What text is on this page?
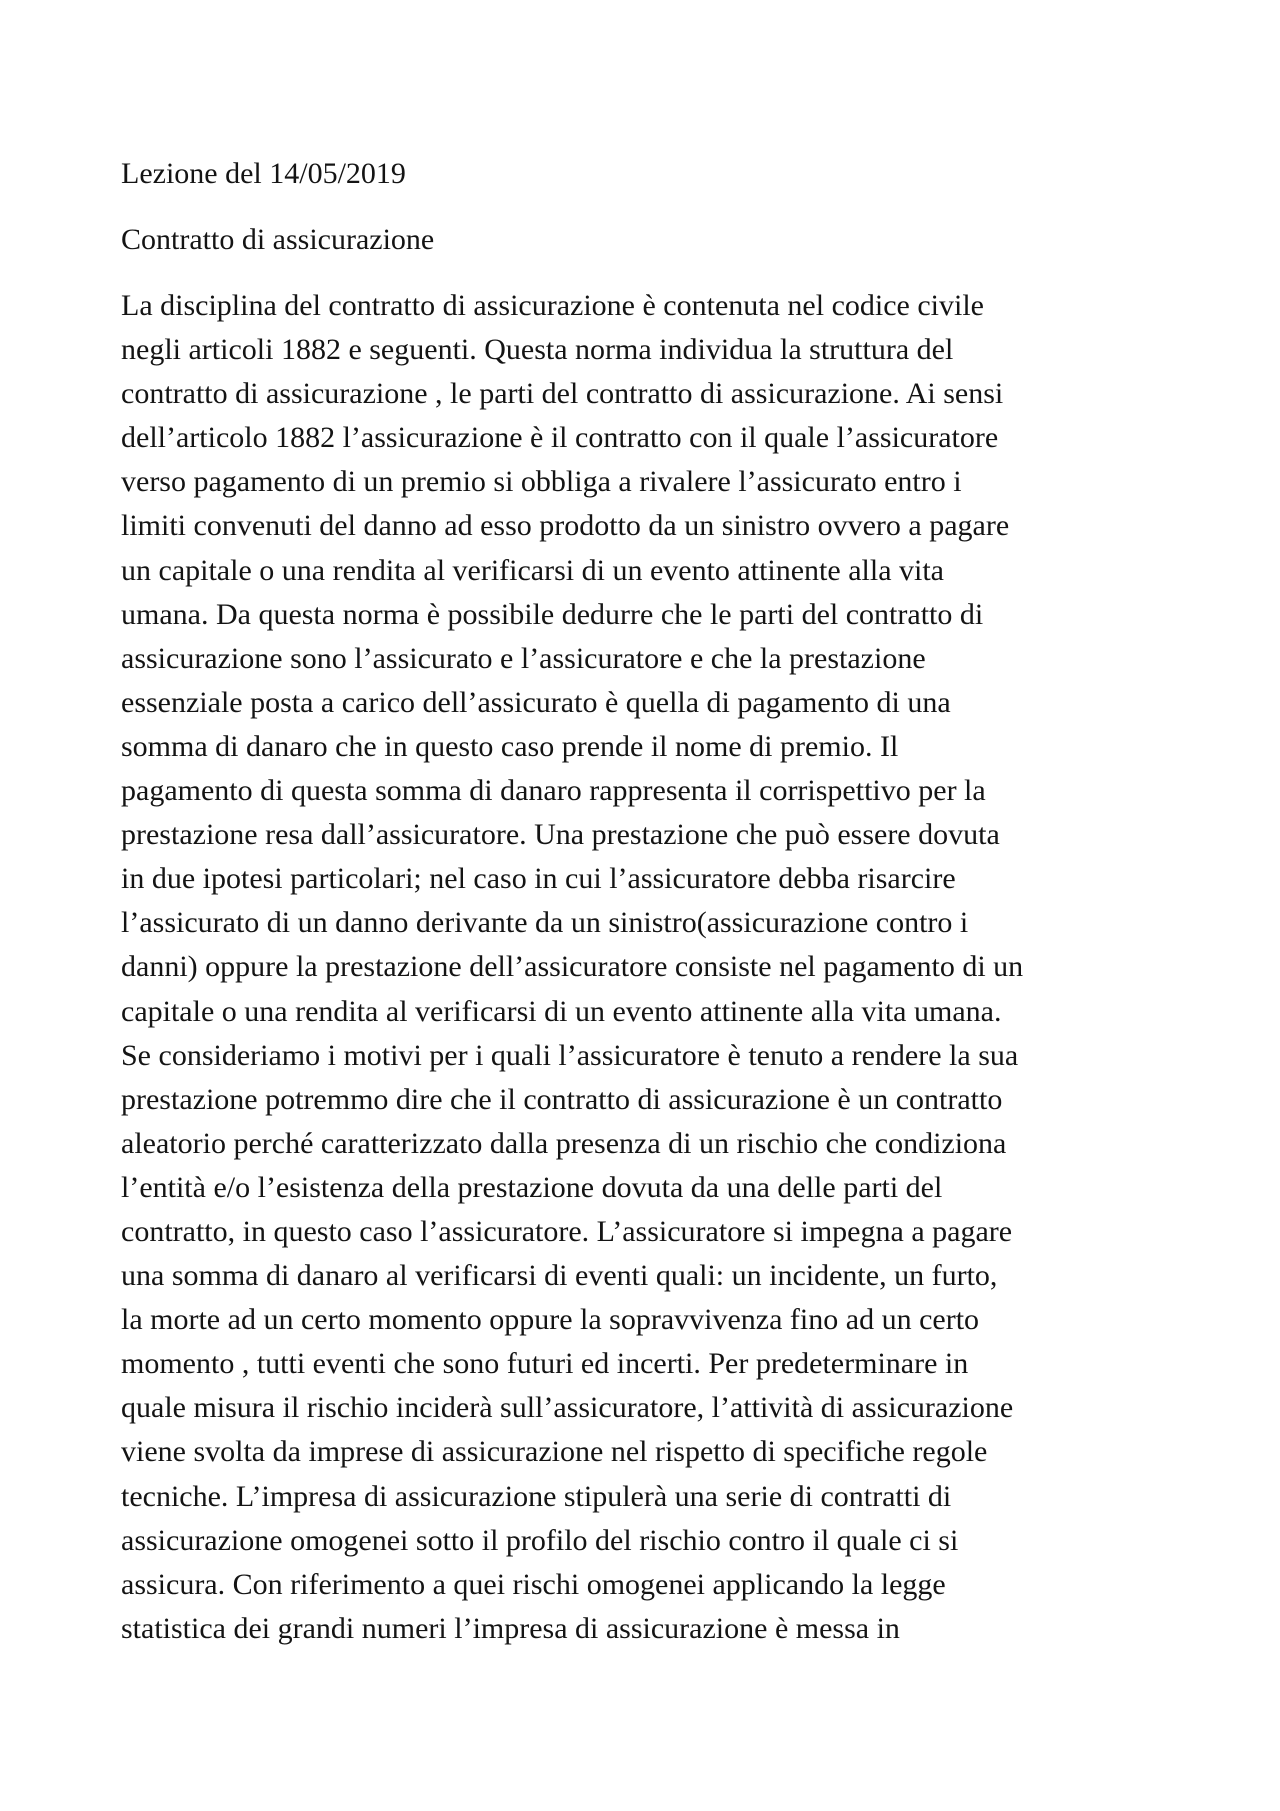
Lezione del 14/05/2019

Contratto di assicurazione

La disciplina del contratto di assicurazione è contenuta nel codice civile
negli articoli 1882 e seguenti. Questa norma individua la struttura del
contratto di assicurazione , le parti del contratto di assicurazione. Ai sensi
dell’articolo 1882 l’assicurazione è il contratto con il quale l’assicuratore
verso pagamento di un premio si obbliga a rivalere l’assicurato entro i
limiti convenuti del danno ad esso prodotto da un sinistro ovvero a pagare
un capitale o una rendita al verificarsi di un evento attinente alla vita
umana. Da questa norma è possibile dedurre che le parti del contratto di
assicurazione sono l’assicurato e l’assicuratore e che la prestazione
essenziale posta a carico dell’assicurato è quella di pagamento di una
somma di danaro che in questo caso prende il nome di premio. Il
pagamento di questa somma di danaro rappresenta il corrispettivo per la
prestazione resa dall’assicuratore. Una prestazione che può essere dovuta
in due ipotesi particolari; nel caso in cui l’assicuratore debba risarcire
l’assicurato di un danno derivante da un sinistro(assicurazione contro i
danni) oppure la prestazione dell’assicuratore consiste nel pagamento di un
capitale o una rendita al verificarsi di un evento attinente alla vita umana.
Se consideriamo i motivi per i quali l’assicuratore è tenuto a rendere la sua
prestazione potremmo dire che il contratto di assicurazione è un contratto
aleatorio perché caratterizzato dalla presenza di un rischio che condiziona
l’entità e/o l’esistenza della prestazione dovuta da una delle parti del
contratto, in questo caso l’assicuratore. L’assicuratore si impegna a pagare
una somma di danaro al verificarsi di eventi quali: un incidente, un furto,
la morte ad un certo momento oppure la sopravvivenza fino ad un certo
momento , tutti eventi che sono futuri ed incerti. Per predeterminare in
quale misura il rischio inciderà sull’assicuratore, l’attività di assicurazione
viene svolta da imprese di assicurazione nel rispetto di specifiche regole
tecniche. L’impresa di assicurazione stipulerà una serie di contratti di
assicurazione omogenei sotto il profilo del rischio contro il quale ci si
assicura. Con riferimento a quei rischi omogenei applicando la legge
statistica dei grandi numeri l’impresa di assicurazione è messa in
